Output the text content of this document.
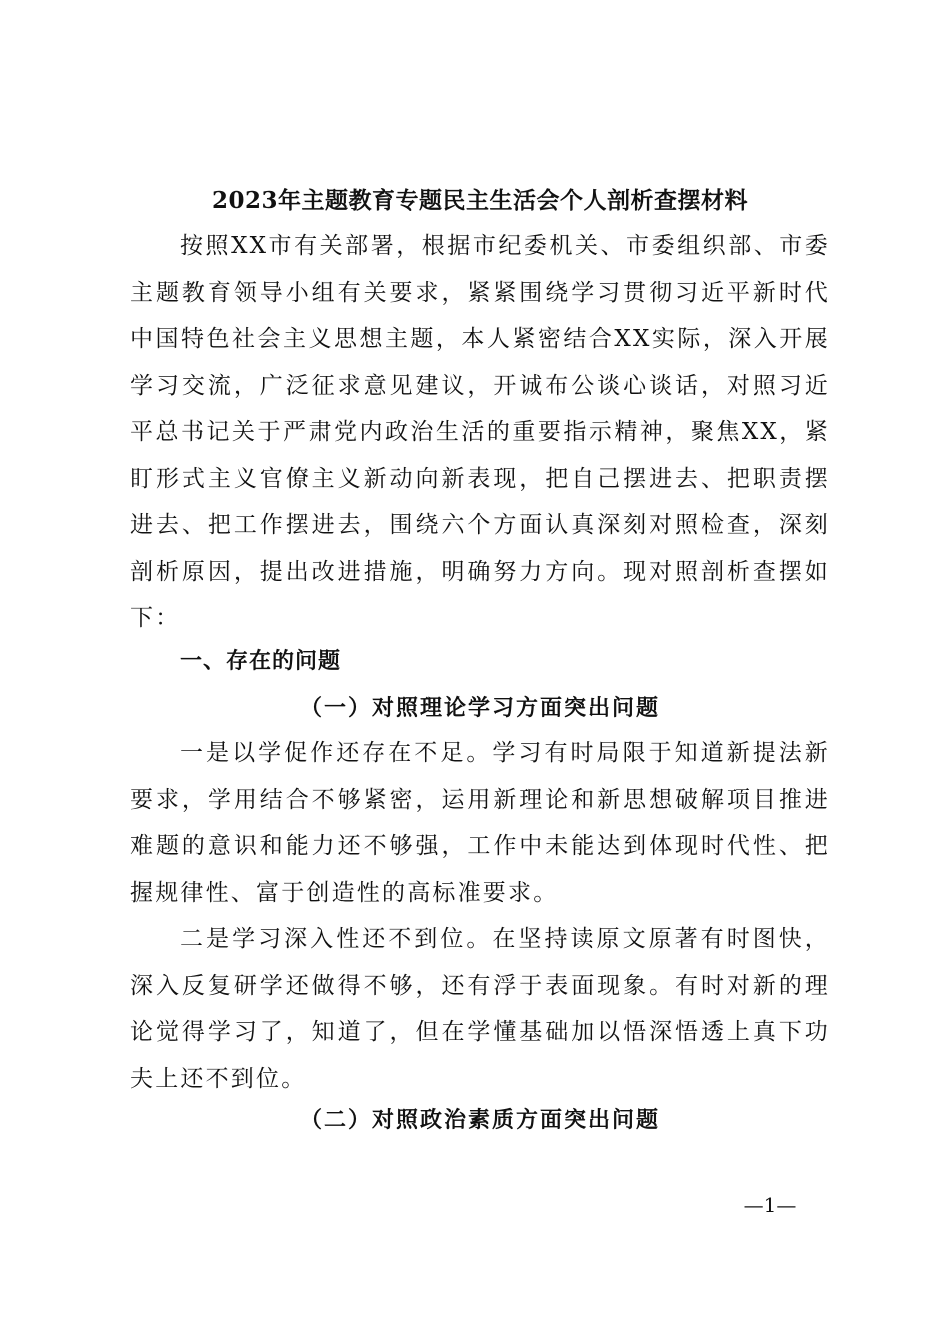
2023年主题教育专题民主生活会个人剖析查摆材料

按照XX市有关部署，根据市纪委机关、市委组织部、市委主题教育领导小组有关要求，紧紧围绕学习贯彻习近平新时代中国特色社会主义思想主题，本人紧密结合XX实际，深入开展学习交流，广泛征求意见建议，开诚布公谈心谈话，对照习近平总书记关于严肃党内政治生活的重要指示精神，聚焦XX，紧盯形式主义官僚主义新动向新表现，把自己摆进去、把职责摆进去、把工作摆进去，围绕六个方面认真深刻对照检查，深刻剖析原因，提出改进措施，明确努力方向。现对照剖析查摆如下：

一、存在的问题
（一）对照理论学习方面突出问题

一是以学促作还存在不足。学习有时局限于知道新提法新要求，学用结合不够紧密，运用新理论和新思想破解项目推进难题的意识和能力还不够强，工作中未能达到体现时代性、把握规律性、富于创造性的高标准要求。

二是学习深入性还不到位。在坚持读原文原著有时图快，深入反复研学还做得不够，还有浮于表面现象。有时对新的理论觉得学习了，知道了，但在学懂基础加以悟深悟透上真下功夫上还不到位。

（二）对照政治素质方面突出问题
—1—
